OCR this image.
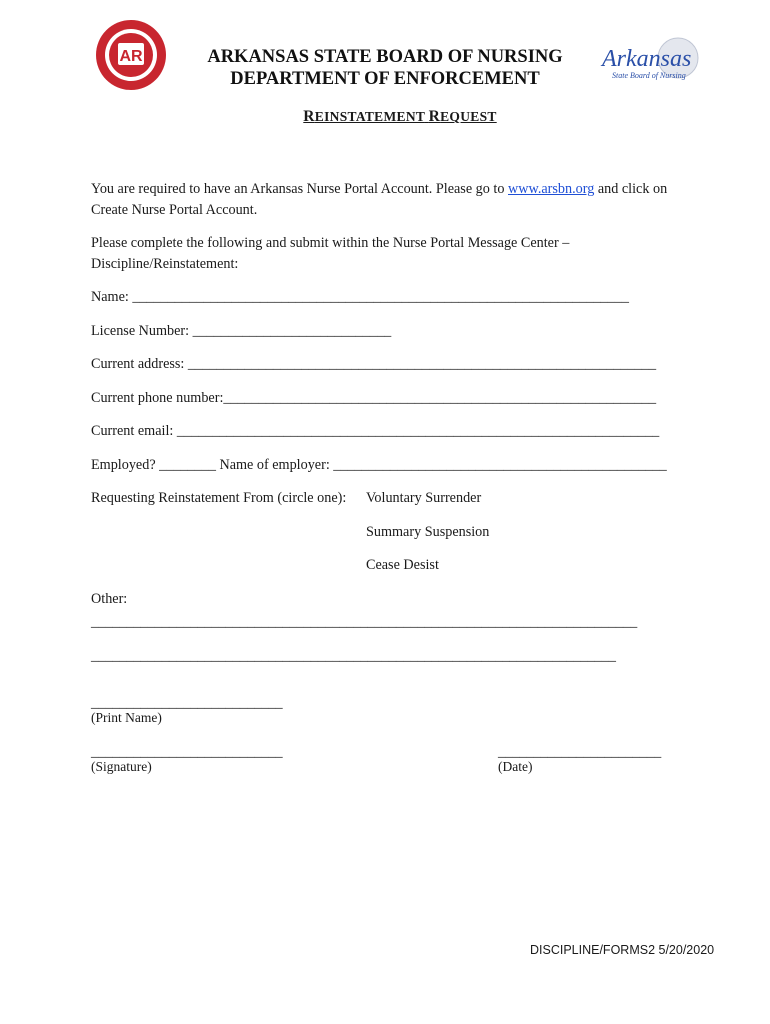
AR	ARKANSAS STATE BOARD OF NURSING
DEPARTMENT OF ENFORCEMENT
Arkansas
State Board of Nursing
REINSTATEMENT REQUEST
You are required to have an Arkansas Nurse Portal Account. Please go to www.arsbn.org and click on
Create Nurse Portal Account.
Please complete the following and submit within the Nurse Portal Message Center –
Discipline/Reinstatement:
Name: ______________________________________________________________________
License Number: ____________________________
Current address: __________________________________________________________________
Current phone number:_____________________________________________________________
Current email: ____________________________________________________________________
Employed? ________ Name of employer: _______________________________________________
Requesting Reinstatement From (circle one): Voluntary Surrender
Summary Suspension
Cease Desist
Other:
_____________________________________________________________________________
__________________________________________________________________________
___________________________
(Print Name)
___________________________
(Signature)
_______________________
(Date)
DISCIPLINE/FORMS2 5/20/2020
